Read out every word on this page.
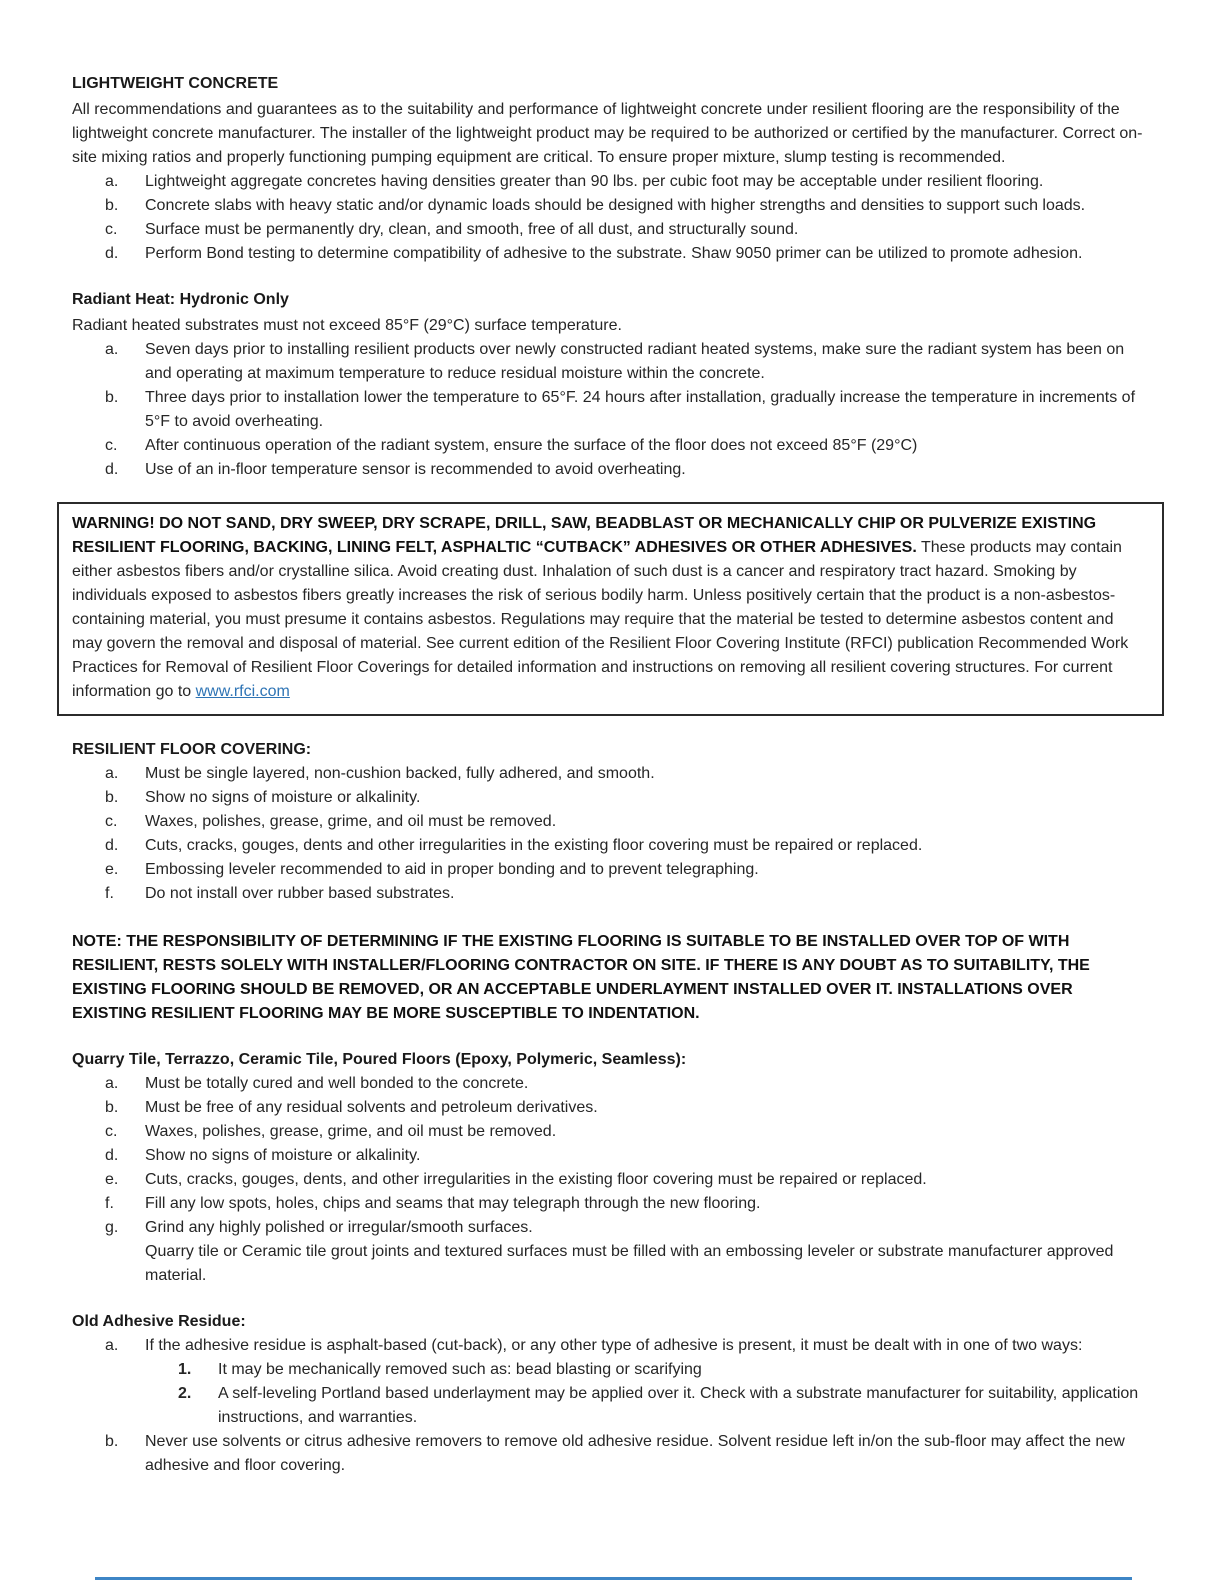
LIGHTWEIGHT CONCRETE

All recommendations and guarantees as to the suitability and performance of lightweight concrete under resilient flooring are the responsibility of the lightweight concrete manufacturer. The installer of the lightweight product may be required to be authorized or certified by the manufacturer. Correct on-site mixing ratios and properly functioning pumping equipment are critical. To ensure proper mixture, slump testing is recommended.

a.	Lightweight aggregate concretes having densities greater than 90 lbs. per cubic foot may be acceptable under resilient flooring.
b.	Concrete slabs with heavy static and/or dynamic loads should be designed with higher strengths and densities to support such loads.
c.	Surface must be permanently dry, clean, and smooth, free of all dust, and structurally sound.
d.	Perform Bond testing to determine compatibility of adhesive to the substrate. Shaw 9050 primer can be utilized to promote adhesion.
Radiant Heat: Hydronic Only

Radiant heated substrates must not exceed 85°F (29°C) surface temperature.

a.	Seven days prior to installing resilient products over newly constructed radiant heated systems, make sure the radiant system has been on and operating at maximum temperature to reduce residual moisture within the concrete.
b.	Three days prior to installation lower the temperature to 65°F. 24 hours after installation, gradually increase the temperature in increments of 5°F to avoid overheating.
c.	After continuous operation of the radiant system, ensure the surface of the floor does not exceed 85°F (29°C)
d.	Use of an in-floor temperature sensor is recommended to avoid overheating.

WARNING! DO NOT SAND, DRY SWEEP, DRY SCRAPE, DRILL, SAW, BEADBLAST OR MECHANICALLY CHIP OR PULVERIZE EXISTING RESILIENT FLOORING, BACKING, LINING FELT, ASPHALTIC “CUTBACK” ADHESIVES OR OTHER ADHESIVES. These products may contain either asbestos fibers and/or crystalline silica. Avoid creating dust. Inhalation of such dust is a cancer and respiratory tract hazard. Smoking by individuals exposed to asbestos fibers greatly increases the risk of serious bodily harm. Unless positively certain that the product is a non-asbestos-containing material, you must presume it contains asbestos. Regulations may require that the material be tested to determine asbestos content and may govern the removal and disposal of material. See current edition of the Resilient Floor Covering Institute (RFCI) publication Recommended Work Practices for Removal of Resilient Floor Coverings for detailed information and instructions on removing all resilient covering structures. For current information go to www.rfci.com

RESILIENT FLOOR COVERING:
a.	Must be single layered, non-cushion backed, fully adhered, and smooth.
b.	Show no signs of moisture or alkalinity.
c.	Waxes, polishes, grease, grime, and oil must be removed.
d.	Cuts, cracks, gouges, dents and other irregularities in the existing floor covering must be repaired or replaced.
e.	Embossing leveler recommended to aid in proper bonding and to prevent telegraphing.
f.	Do not install over rubber based substrates.

NOTE: THE RESPONSIBILITY OF DETERMINING IF THE EXISTING FLOORING IS SUITABLE TO BE INSTALLED OVER TOP OF WITH RESILIENT, RESTS SOLELY WITH INSTALLER/FLOORING CONTRACTOR ON SITE. IF THERE IS ANY DOUBT AS TO SUITABILITY, THE EXISTING FLOORING SHOULD BE REMOVED, OR AN ACCEPTABLE UNDERLAYMENT INSTALLED OVER IT. INSTALLATIONS OVER EXISTING RESILIENT FLOORING MAY BE MORE SUSCEPTIBLE TO INDENTATION.

Quarry Tile, Terrazzo, Ceramic Tile, Poured Floors (Epoxy, Polymeric, Seamless):
a.	Must be totally cured and well bonded to the concrete.
b.	Must be free of any residual solvents and petroleum derivatives.
c.	Waxes, polishes, grease, grime, and oil must be removed.
d.	Show no signs of moisture or alkalinity.
e.	Cuts, cracks, gouges, dents, and other irregularities in the existing floor covering must be repaired or replaced.
f.	Fill any low spots, holes, chips and seams that may telegraph through the new flooring.
g.	Grind any highly polished or irregular/smooth surfaces.

Quarry tile or Ceramic tile grout joints and textured surfaces must be filled with an embossing leveler or substrate manufacturer approved material.

Old Adhesive Residue:
a.	If the adhesive residue is asphalt-based (cut-back), or any other type of adhesive is present, it must be dealt with in one of two ways:
1.	It may be mechanically removed such as: bead blasting or scarifying
2.	A self-leveling Portland based underlayment may be applied over it. Check with a substrate manufacturer for suitability, application instructions, and warranties.
b.	Never use solvents or citrus adhesive removers to remove old adhesive residue. Solvent residue left in/on the sub-floor may affect the new adhesive and floor covering.
